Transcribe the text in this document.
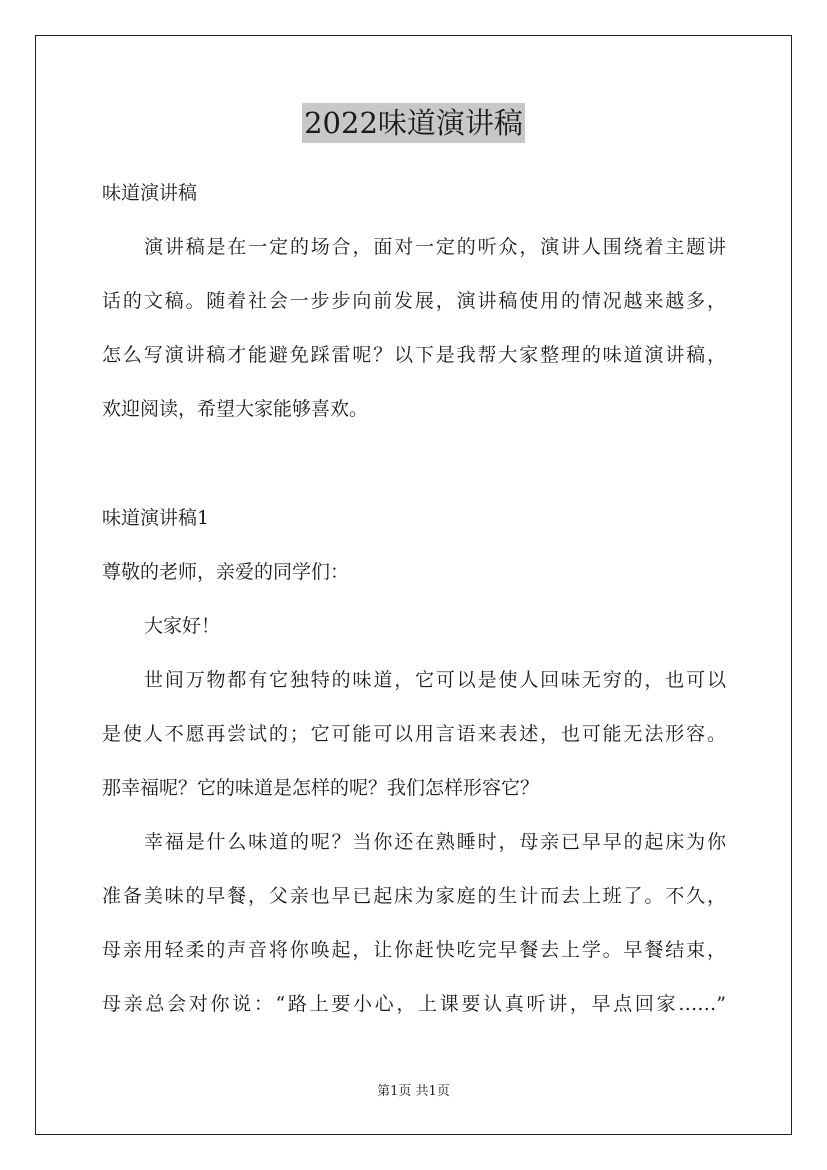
2022味道演讲稿
味道演讲稿
演讲稿是在一定的场合，面对一定的听众，演讲人围绕着主题讲
话的文稿。随着社会一步步向前发展，演讲稿使用的情况越来越多，
怎么写演讲稿才能避免踩雷呢？以下是我帮大家整理的味道演讲稿，
欢迎阅读，希望大家能够喜欢。
味道演讲稿1
尊敬的老师，亲爱的同学们：
大家好！
世间万物都有它独特的味道，它可以是使人回味无穷的，也可以
是使人不愿再尝试的；它可能可以用言语来表述，也可能无法形容。
那幸福呢？它的味道是怎样的呢？我们怎样形容它？
幸福是什么味道的呢？当你还在熟睡时，母亲已早早的起床为你
准备美味的早餐，父亲也早已起床为家庭的生计而去上班了。不久，
母亲用轻柔的声音将你唤起，让你赶快吃完早餐去上学。早餐结束，
母亲总会对你说：“路上要小心，上课要认真听讲，早点回家……”
第1页 共1页
